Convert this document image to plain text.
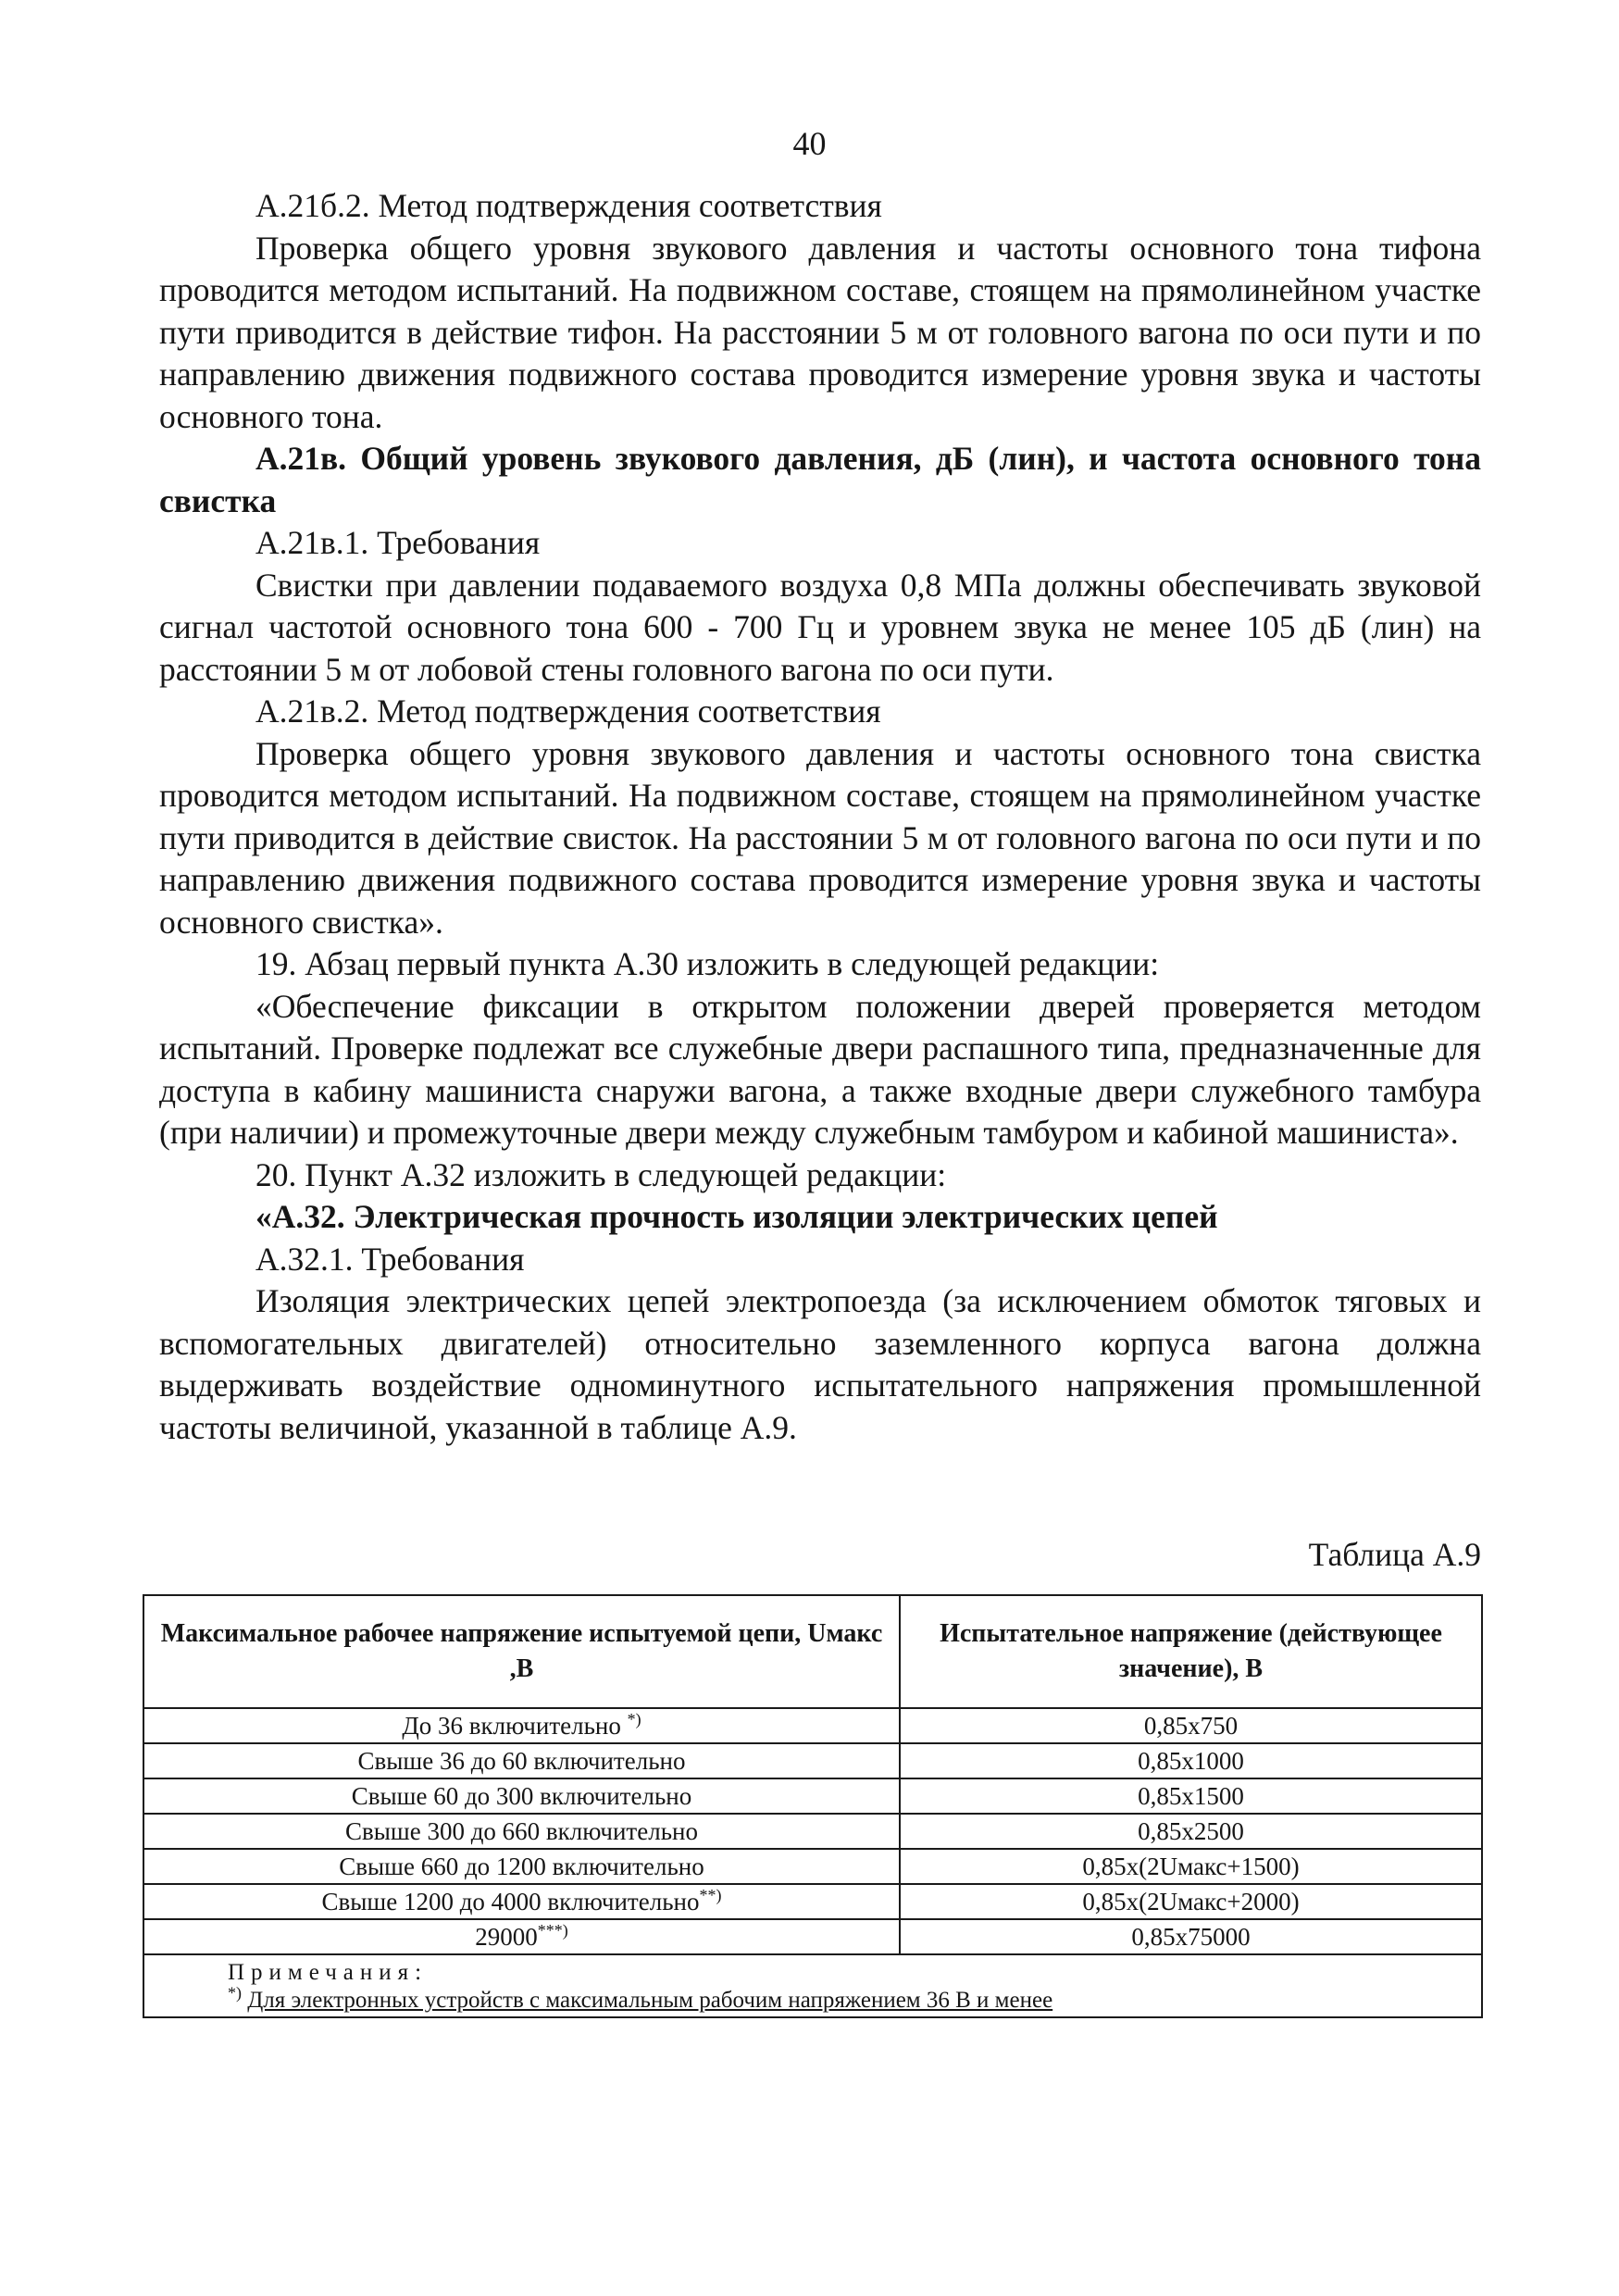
40

А.21б.2. Метод подтверждения соответствия

Проверка общего уровня звукового давления и частоты основного тона тифона проводится методом испытаний. На подвижном составе, стоящем на прямолинейном участке пути приводится в действие тифон. На расстоянии 5 м от головного вагона по оси пути и по направлению движения подвижного состава проводится измерение уровня звука и частоты основного тона.

А.21в. Общий уровень звукового давления, дБ (лин), и частота основного тона свистка

А.21в.1. Требования

Свистки при давлении подаваемого воздуха 0,8 МПа должны обеспечивать звуковой сигнал частотой основного тона 600 - 700 Гц и уровнем звука не менее 105 дБ (лин) на расстоянии 5 м от лобовой стены головного вагона по оси пути.

А.21в.2. Метод подтверждения соответствия

Проверка общего уровня звукового давления и частоты основного тона свистка проводится методом испытаний. На подвижном составе, стоящем на прямолинейном участке пути приводится в действие свисток. На расстоянии 5 м от головного вагона по оси пути и по направлению движения подвижного состава проводится измерение уровня звука и частоты основного свистка».

19. Абзац первый пункта А.30 изложить в следующей редакции:

«Обеспечение фиксации в открытом положении дверей проверяется методом испытаний. Проверке подлежат все служебные двери распашного типа, предназначенные для доступа в кабину машиниста снаружи вагона, а также входные двери служебного тамбура (при наличии) и промежуточные двери между служебным тамбуром и кабиной машиниста».

20. Пункт А.32 изложить в следующей редакции:

«А.32. Электрическая прочность изоляции электрических цепей

А.32.1. Требования

Изоляция электрических цепей электропоезда (за исключением обмоток тяговых и вспомогательных двигателей) относительно заземленного корпуса вагона должна выдерживать воздействие одноминутного испытательного напряжения промышленной частоты величиной, указанной в таблице А.9.

Таблица А.9
Максимальное рабочее напряжение испытуемой цепи, Uмакс ,В	Испытательное напряжение (действующее значение), В
До 36 включительно *)	0,85х750
Свыше 36 до 60 включительно	0,85х1000
Свыше 60 до 300 включительно	0,85х1500
Свыше 300 до 660 включительно	0,85х2500
Свыше 660 до 1200 включительно	0,85х(2Uмакс+1500)
Свыше 1200 до 4000 включительно**)	0,85х(2Uмакс+2000)
29000***)	0,85х75000

Примечания:
*) Для электронных устройств с максимальным рабочим напряжением 36 В и менее	
